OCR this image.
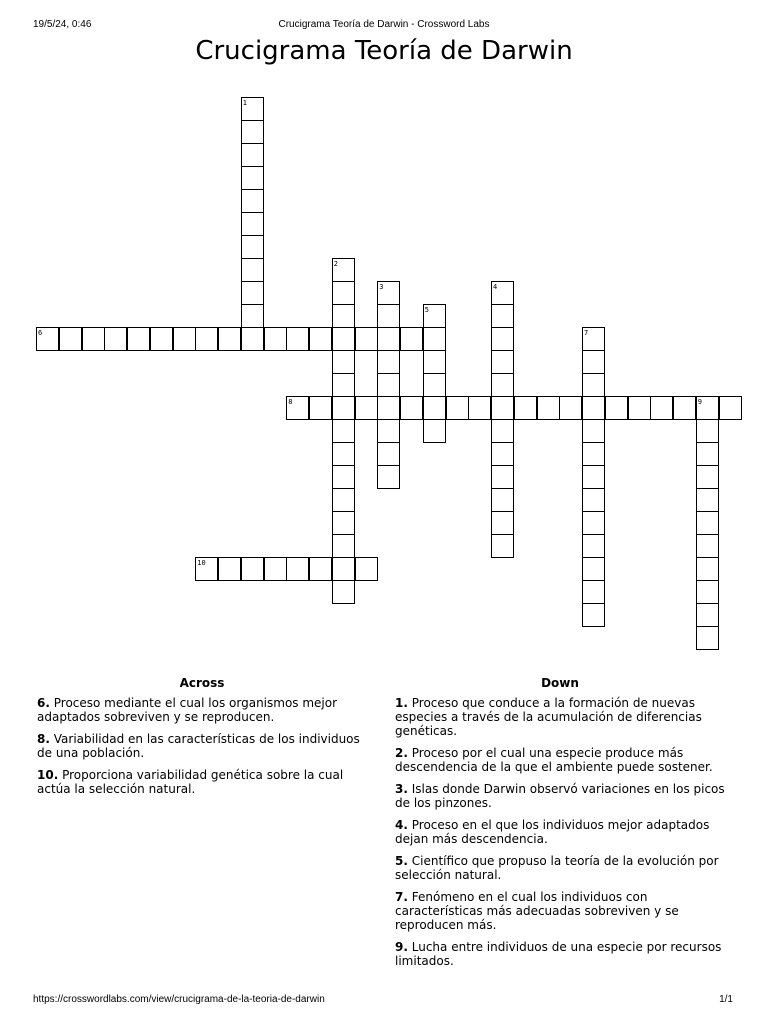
19/5/24, 0:46	Crucigrama Teoría de Darwin - Crossword Labs
Crucigrama Teoría de Darwin
1
2
3	4
5
6	7
8	9
10
Across
6. Proceso mediante el cual los organismos mejor adaptados sobreviven y se reproducen.
8. Variabilidad en las características de los individuos de una población.
10. Proporciona variabilidad genética sobre la cual actúa la selección natural.
Down
1. Proceso que conduce a la formación de nuevas especies a través de la acumulación de diferencias genéticas.
2. Proceso por el cual una especie produce más descendencia de la que el ambiente puede sostener.
3. Islas donde Darwin observó variaciones en los picos de los pinzones.
4. Proceso en el que los individuos mejor adaptados dejan más descendencia.
5. Científico que propuso la teoría de la evolución por selección natural.
7. Fenómeno en el cual los individuos con características más adecuadas sobreviven y se reproducen más.
9. Lucha entre individuos de una especie por recursos limitados.
https://crosswordlabs.com/view/crucigrama-de-la-teoria-de-darwin	1/1
